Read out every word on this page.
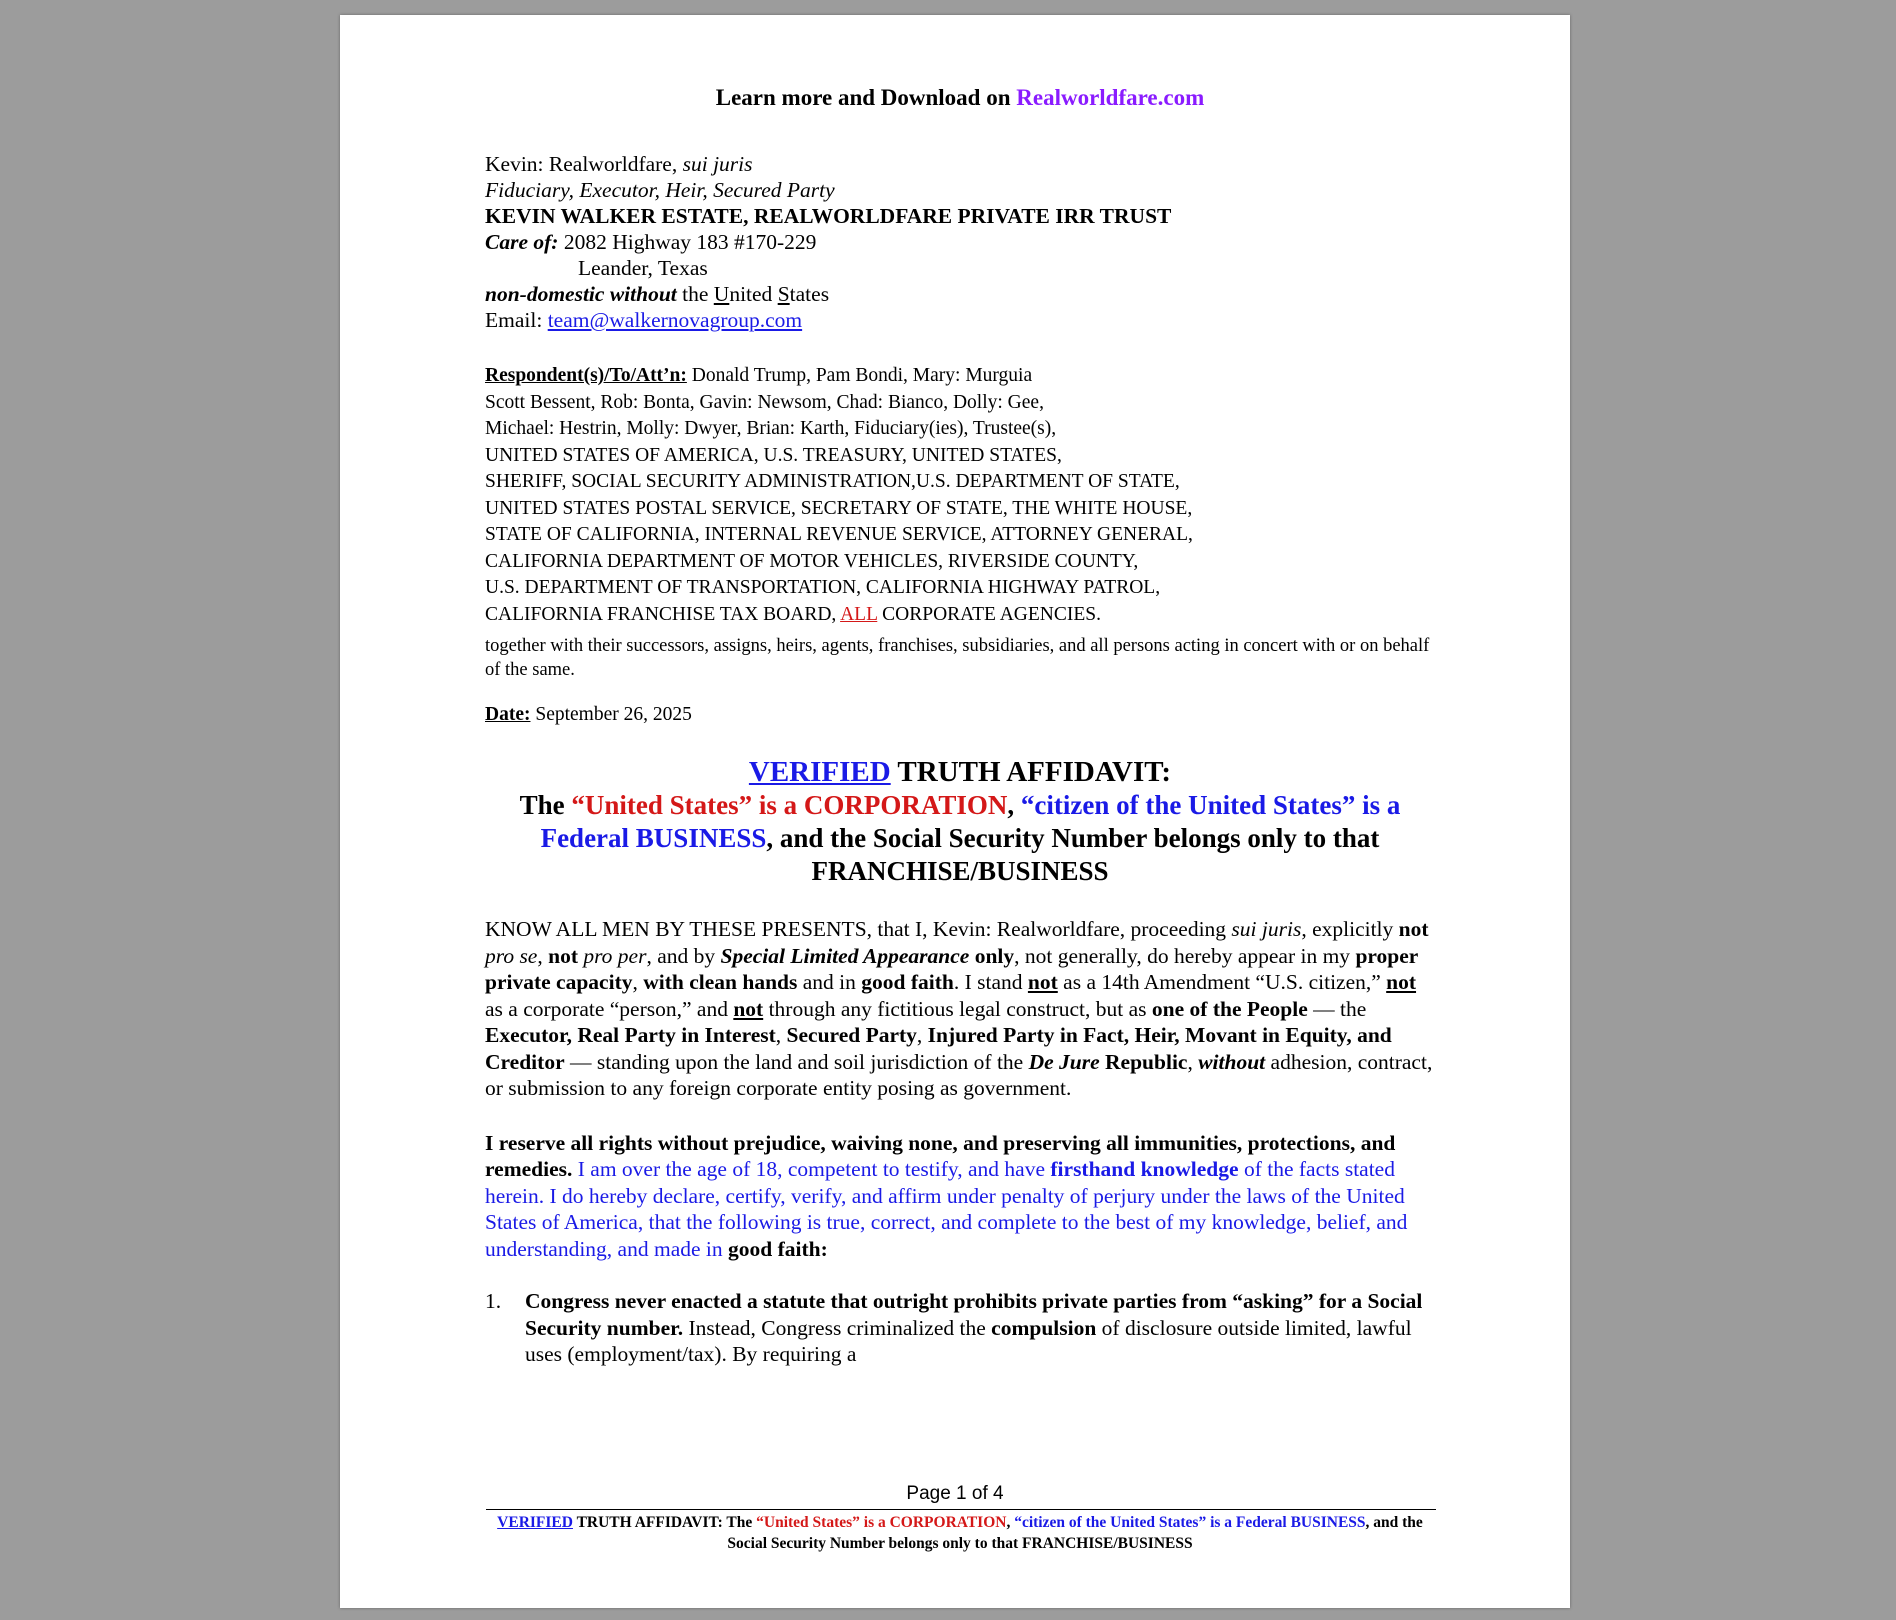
Learn more and Download on Realworldfare.com
Kevin: Realworldfare, sui juris
Fiduciary, Executor, Heir, Secured Party
KEVIN WALKER ESTATE, REALWORLDFARE PRIVATE IRR TRUST
Care of: 2082 Highway 183 #170-229
Leander, Texas
non-domestic without the United States
Email: team@walkernovagroup.com
Respondent(s)/To/Att’n: Donald Trump, Pam Bondi, Mary: Murguia
Scott Bessent, Rob: Bonta, Gavin: Newsom, Chad: Bianco, Dolly: Gee,
Michael: Hestrin, Molly: Dwyer, Brian: Karth, Fiduciary(ies), Trustee(s),
UNITED STATES OF AMERICA, U.S. TREASURY, UNITED STATES,
SHERIFF, SOCIAL SECURITY ADMINISTRATION,U.S. DEPARTMENT OF STATE,
UNITED STATES POSTAL SERVICE, SECRETARY OF STATE, THE WHITE HOUSE,
STATE OF CALIFORNIA, INTERNAL REVENUE SERVICE, ATTORNEY GENERAL,
CALIFORNIA DEPARTMENT OF MOTOR VEHICLES, RIVERSIDE COUNTY,
U.S. DEPARTMENT OF TRANSPORTATION, CALIFORNIA HIGHWAY PATROL,
CALIFORNIA FRANCHISE TAX BOARD, ALL CORPORATE AGENCIES.
together with their successors, assigns, heirs, agents, franchises, subsidiaries, and all persons acting in concert with or on behalf of the same.
Date: September 26, 2025
VERIFIED TRUTH AFFIDAVIT:
The “United States” is a CORPORATION, “citizen of the United States” is a Federal BUSINESS, and the Social Security Number belongs only to that FRANCHISE/BUSINESS
KNOW ALL MEN BY THESE PRESENTS, that I, Kevin: Realworldfare, proceeding sui juris, explicitly not pro se, not pro per, and by Special Limited Appearance only, not generally, do hereby appear in my proper private capacity, with clean hands and in good faith. I stand not as a 14th Amendment “U.S. citizen,” not as a corporate “person,” and not through any fictitious legal construct, but as one of the People — the Executor, Real Party in Interest, Secured Party, Injured Party in Fact, Heir, Movant in Equity, and Creditor — standing upon the land and soil jurisdiction of the De Jure Republic, without adhesion, contract, or submission to any foreign corporate entity posing as government.
I reserve all rights without prejudice, waiving none, and preserving all immunities, protections, and remedies. I am over the age of 18, competent to testify, and have firsthand knowledge of the facts stated herein. I do hereby declare, certify, verify, and affirm under penalty of perjury under the laws of the United States of America, that the following is true, correct, and complete to the best of my knowledge, belief, and understanding, and made in good faith:
1.	Congress never enacted a statute that outright prohibits private parties from “asking” for a Social Security number. Instead, Congress criminalized the compulsion of disclosure outside limited, lawful uses (employment/tax). By requiring a
Page 1 of 4
VERIFIED TRUTH AFFIDAVIT: The “United States” is a CORPORATION, “citizen of the United States” is a Federal BUSINESS, and the Social Security Number belongs only to that FRANCHISE/BUSINESS
